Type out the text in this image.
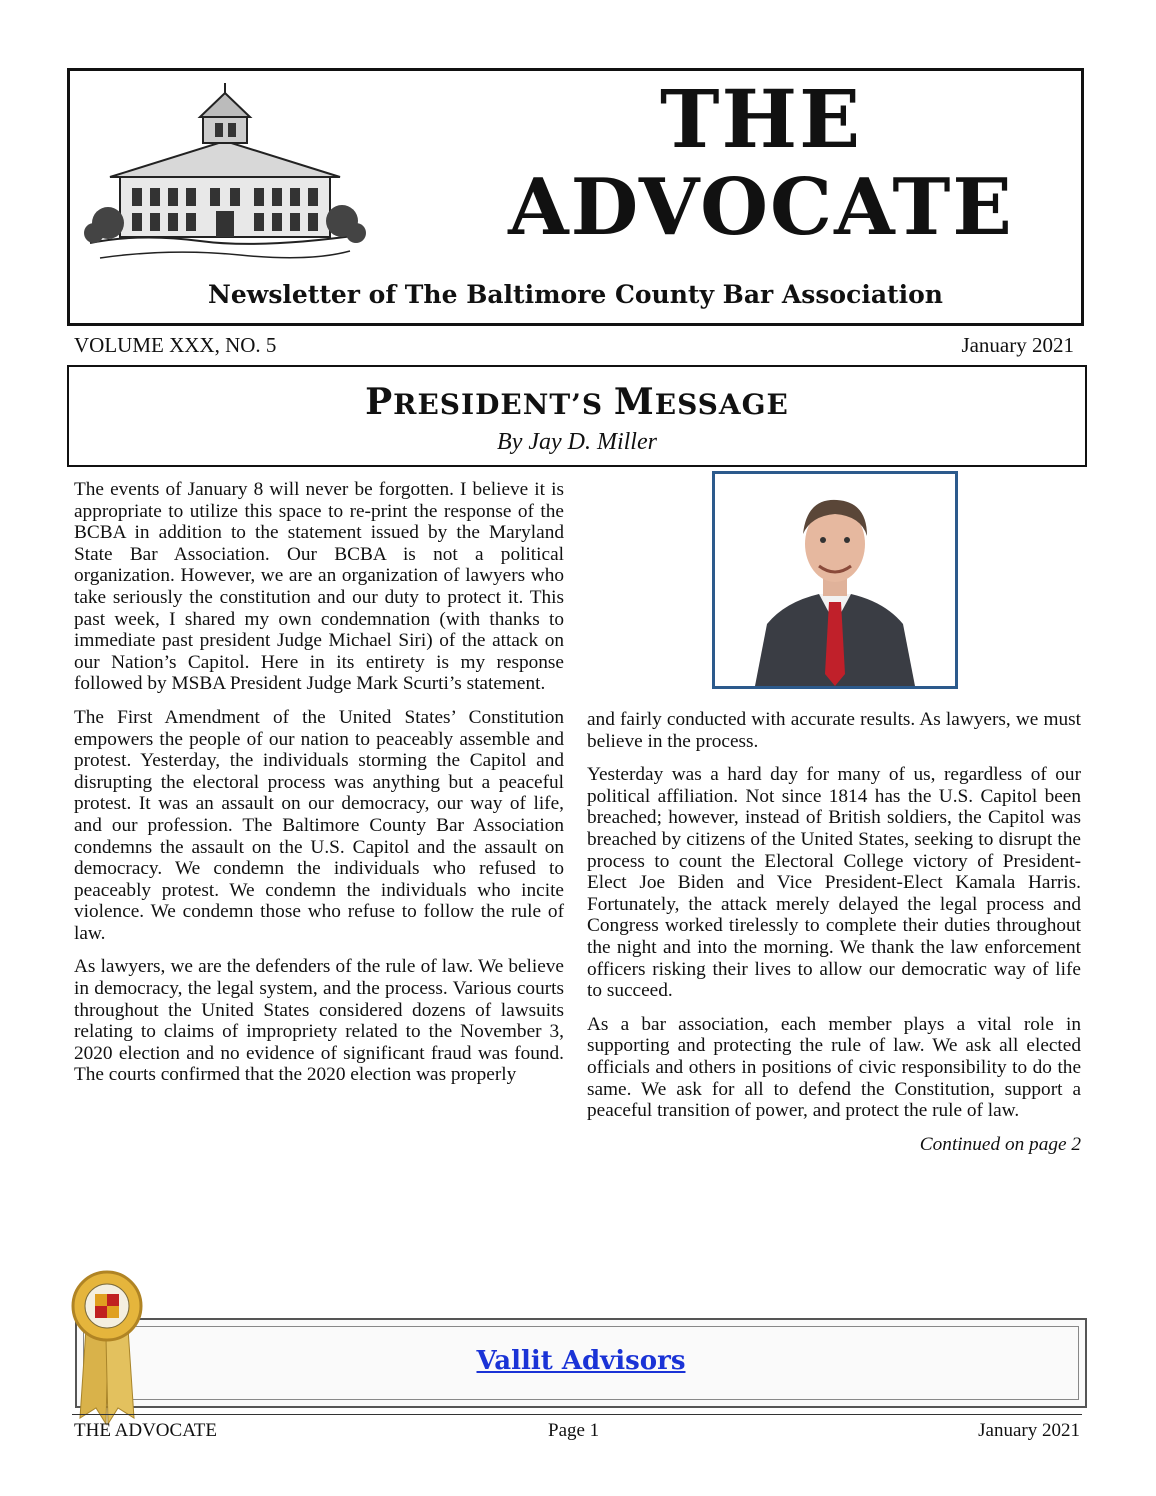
THE
ADVOCATE
Newsletter of The Baltimore County Bar Association
VOLUME XXX, NO. 5	January 2021
PRESIDENT’S MESSAGE
By Jay D. Miller

The events of January 8 will never be forgotten. I believe it is appropriate to utilize this space to re-print the response of the BCBA in addition to the statement issued by the Maryland State Bar Association. Our BCBA is not a political organization. However, we are an organization of lawyers who take seriously the constitution and our duty to protect it. This past week, I shared my own condemnation (with thanks to immediate past president Judge Michael Siri) of the attack on our Nation’s Capitol. Here in its entirety is my response followed by MSBA President Judge Mark Scurti’s statement.

The First Amendment of the United States’ Constitution empowers the people of our nation to peaceably assemble and protest. Yesterday, the individuals storming the Capitol and disrupting the electoral process was anything but a peaceful protest. It was an assault on our democracy, our way of life, and our profession. The Baltimore County Bar Association condemns the assault on the U.S. Capitol and the assault on democracy. We condemn the individuals who refused to peaceably protest. We condemn the individuals who incite violence. We condemn those who refuse to follow the rule of law.

As lawyers, we are the defenders of the rule of law. We believe in democracy, the legal system, and the process. Various courts throughout the United States considered dozens of lawsuits relating to claims of impropriety related to the November 3, 2020 election and no evidence of significant fraud was found. The courts confirmed that the 2020 election was properly

and fairly conducted with accurate results. As lawyers, we must believe in the process.

Yesterday was a hard day for many of us, regardless of our political affiliation. Not since 1814 has the U.S. Capitol been breached; however, instead of British soldiers, the Capitol was breached by citizens of the United States, seeking to disrupt the process to count the Electoral College victory of President-Elect Joe Biden and Vice President-Elect Kamala Harris. Fortunately, the attack merely delayed the legal process and Congress worked tirelessly to complete their duties throughout the night and into the morning. We thank the law enforcement officers risking their lives to allow our democratic way of life to succeed.

As a bar association, each member plays a vital role in supporting and protecting the rule of law. We ask all elected officials and others in positions of civic responsibility to do the same. We ask for all to defend the Constitution, support a peaceful transition of power, and protect the rule of law.

Continued on page 2
Vallit Advisors
THE ADVOCATE	Page 1	January 2021
